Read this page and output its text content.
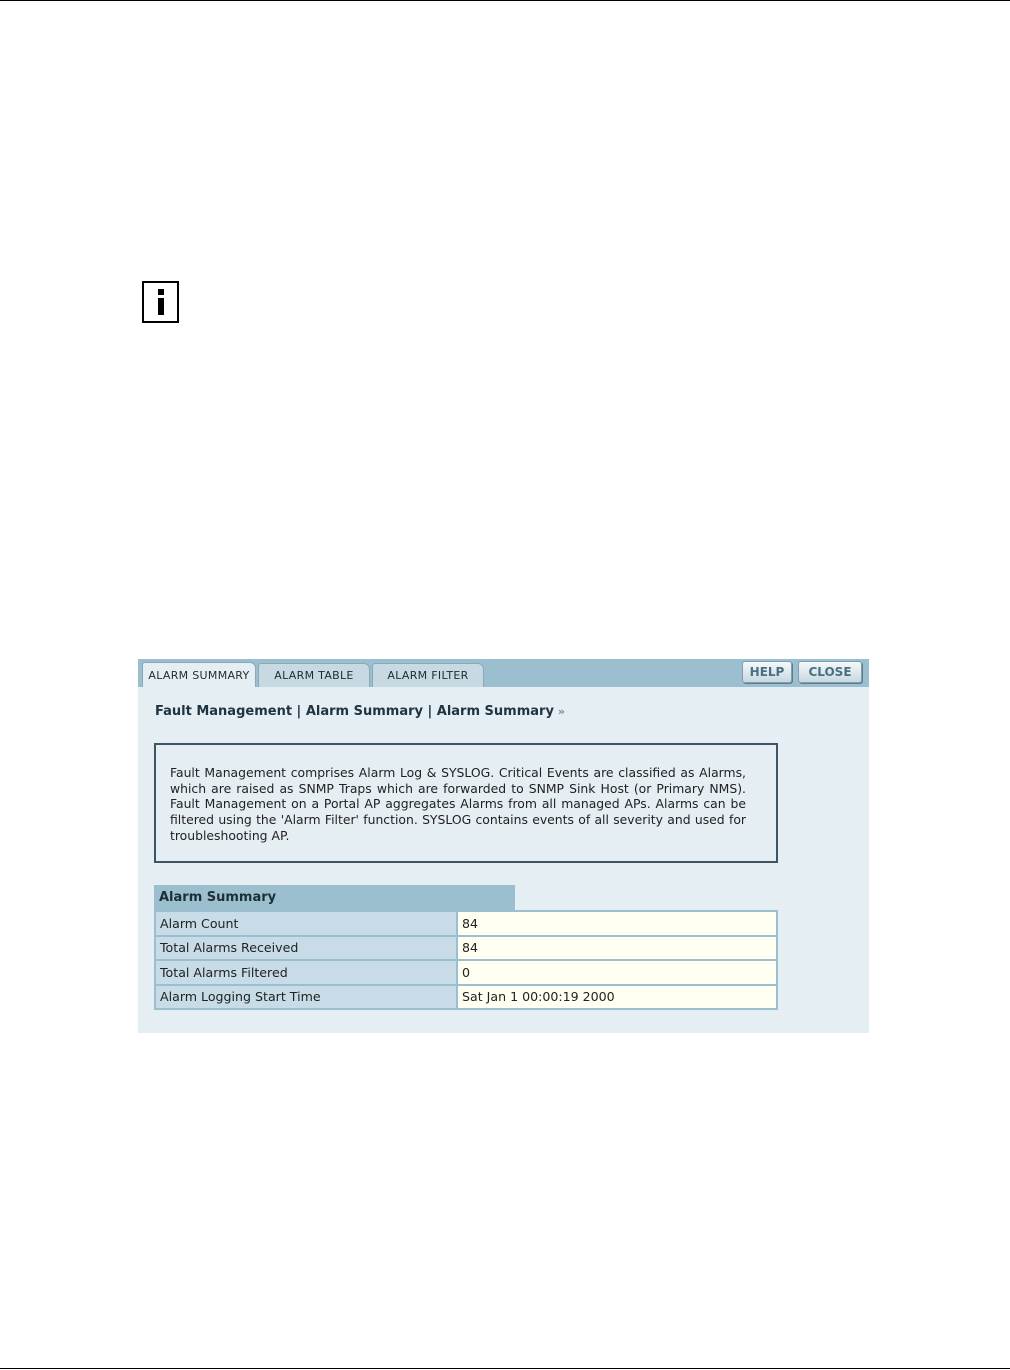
ALARM SUMMARY	ALARM TABLE	ALARM FILTER	HELP	CLOSE
Fault Management | Alarm Summary | Alarm Summary »

Fault Management comprises Alarm Log & SYSLOG. Critical Events are classified as Alarms, which are raised as SNMP Traps which are forwarded to SNMP Sink Host (or Primary NMS). Fault Management on a Portal AP aggregates Alarms from all managed APs. Alarms can be filtered using the 'Alarm Filter' function. SYSLOG contains events of all severity and used for troubleshooting AP.

Alarm Summary
Alarm Count	84
Total Alarms Received	84
Total Alarms Filtered	0
Alarm Logging Start Time	Sat Jan 1 00:00:19 2000
